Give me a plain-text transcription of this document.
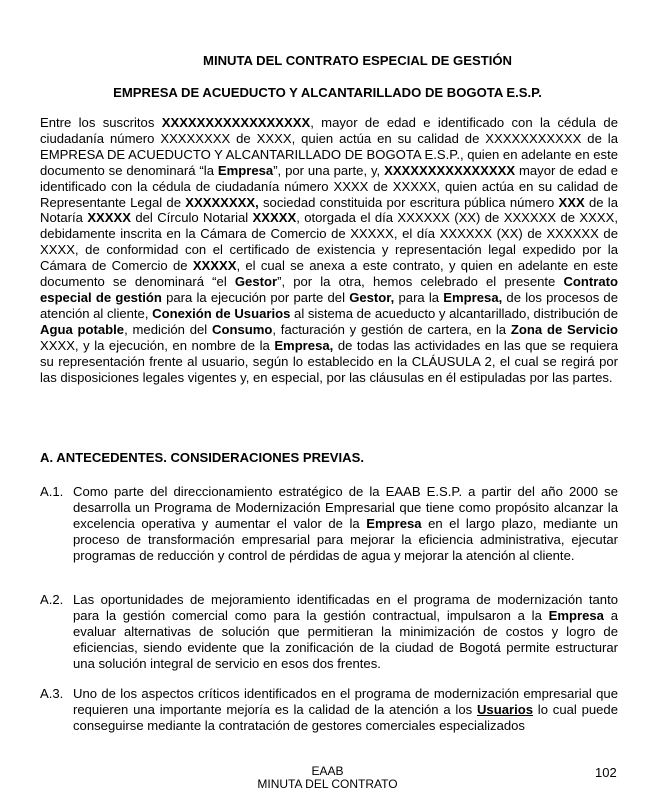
MINUTA DEL CONTRATO ESPECIAL DE GESTIÓN

EMPRESA DE ACUEDUCTO Y ALCANTARILLADO DE BOGOTA E.S.P.

Entre los suscritos XXXXXXXXXXXXXXXXX, mayor de edad e identificado con la cédula de ciudadanía número XXXXXXXX de XXXX, quien actúa en su calidad de XXXXXXXXXXX de la EMPRESA DE ACUEDUCTO Y ALCANTARILLADO DE BOGOTA E.S.P., quien en adelante en este documento se denominará “la Empresa”, por una parte, y, XXXXXXXXXXXXXXX mayor de edad e identificado con la cédula de ciudadanía número XXXX de XXXXX, quien actúa en su calidad de Representante Legal de XXXXXXXX, sociedad constituida por escritura pública número XXX de la Notaría XXXXX del Círculo Notarial XXXXX, otorgada el día XXXXXX (XX) de XXXXXX de XXXX, debidamente inscrita en la Cámara de Comercio de XXXXX, el día XXXXXX (XX) de XXXXXX de XXXX, de conformidad con el certificado de existencia y representación legal expedido por la Cámara de Comercio de XXXXX, el cual se anexa a este contrato, y quien en adelante en este documento se denominará “el Gestor”, por la otra, hemos celebrado el presente Contrato especial de gestión para la ejecución por parte del Gestor, para la Empresa, de los procesos de atención al cliente, Conexión de Usuarios al sistema de acueducto y alcantarillado, distribución de Agua potable, medición del Consumo, facturación y gestión de cartera, en la Zona de Servicio XXXX, y la ejecución, en nombre de la Empresa, de todas las actividades en las que se requiera su representación frente al usuario, según lo establecido en la CLÁUSULA 2, el cual se regirá por las disposiciones legales vigentes y, en especial, por las cláusulas en él estipuladas por las partes.

A. ANTECEDENTES. CONSIDERACIONES PREVIAS.

A.1. Como parte del direccionamiento estratégico de la EAAB E.S.P. a partir del año 2000 se desarrolla un Programa de Modernización Empresarial que tiene como propósito alcanzar la excelencia operativa y aumentar el valor de la Empresa en el largo plazo, mediante un proceso de transformación empresarial para mejorar la eficiencia administrativa, ejecutar programas de reducción y control de pérdidas de agua y mejorar la atención al cliente.

A.2. Las oportunidades de mejoramiento identificadas en el programa de modernización tanto para la gestión comercial como para la gestión contractual, impulsaron a la Empresa a evaluar alternativas de solución que permitieran la minimización de costos y logro de eficiencias, siendo evidente que la zonificación de la ciudad de Bogotá permite estructurar una solución integral de servicio en esos dos frentes.

A.3. Uno de los aspectos críticos identificados en el programa de modernización empresarial que requieren una importante mejoría es la calidad de la atención a los Usuarios lo cual puede conseguirse mediante la contratación de gestores comerciales especializados

EAAB
MINUTA DEL CONTRATO
102
